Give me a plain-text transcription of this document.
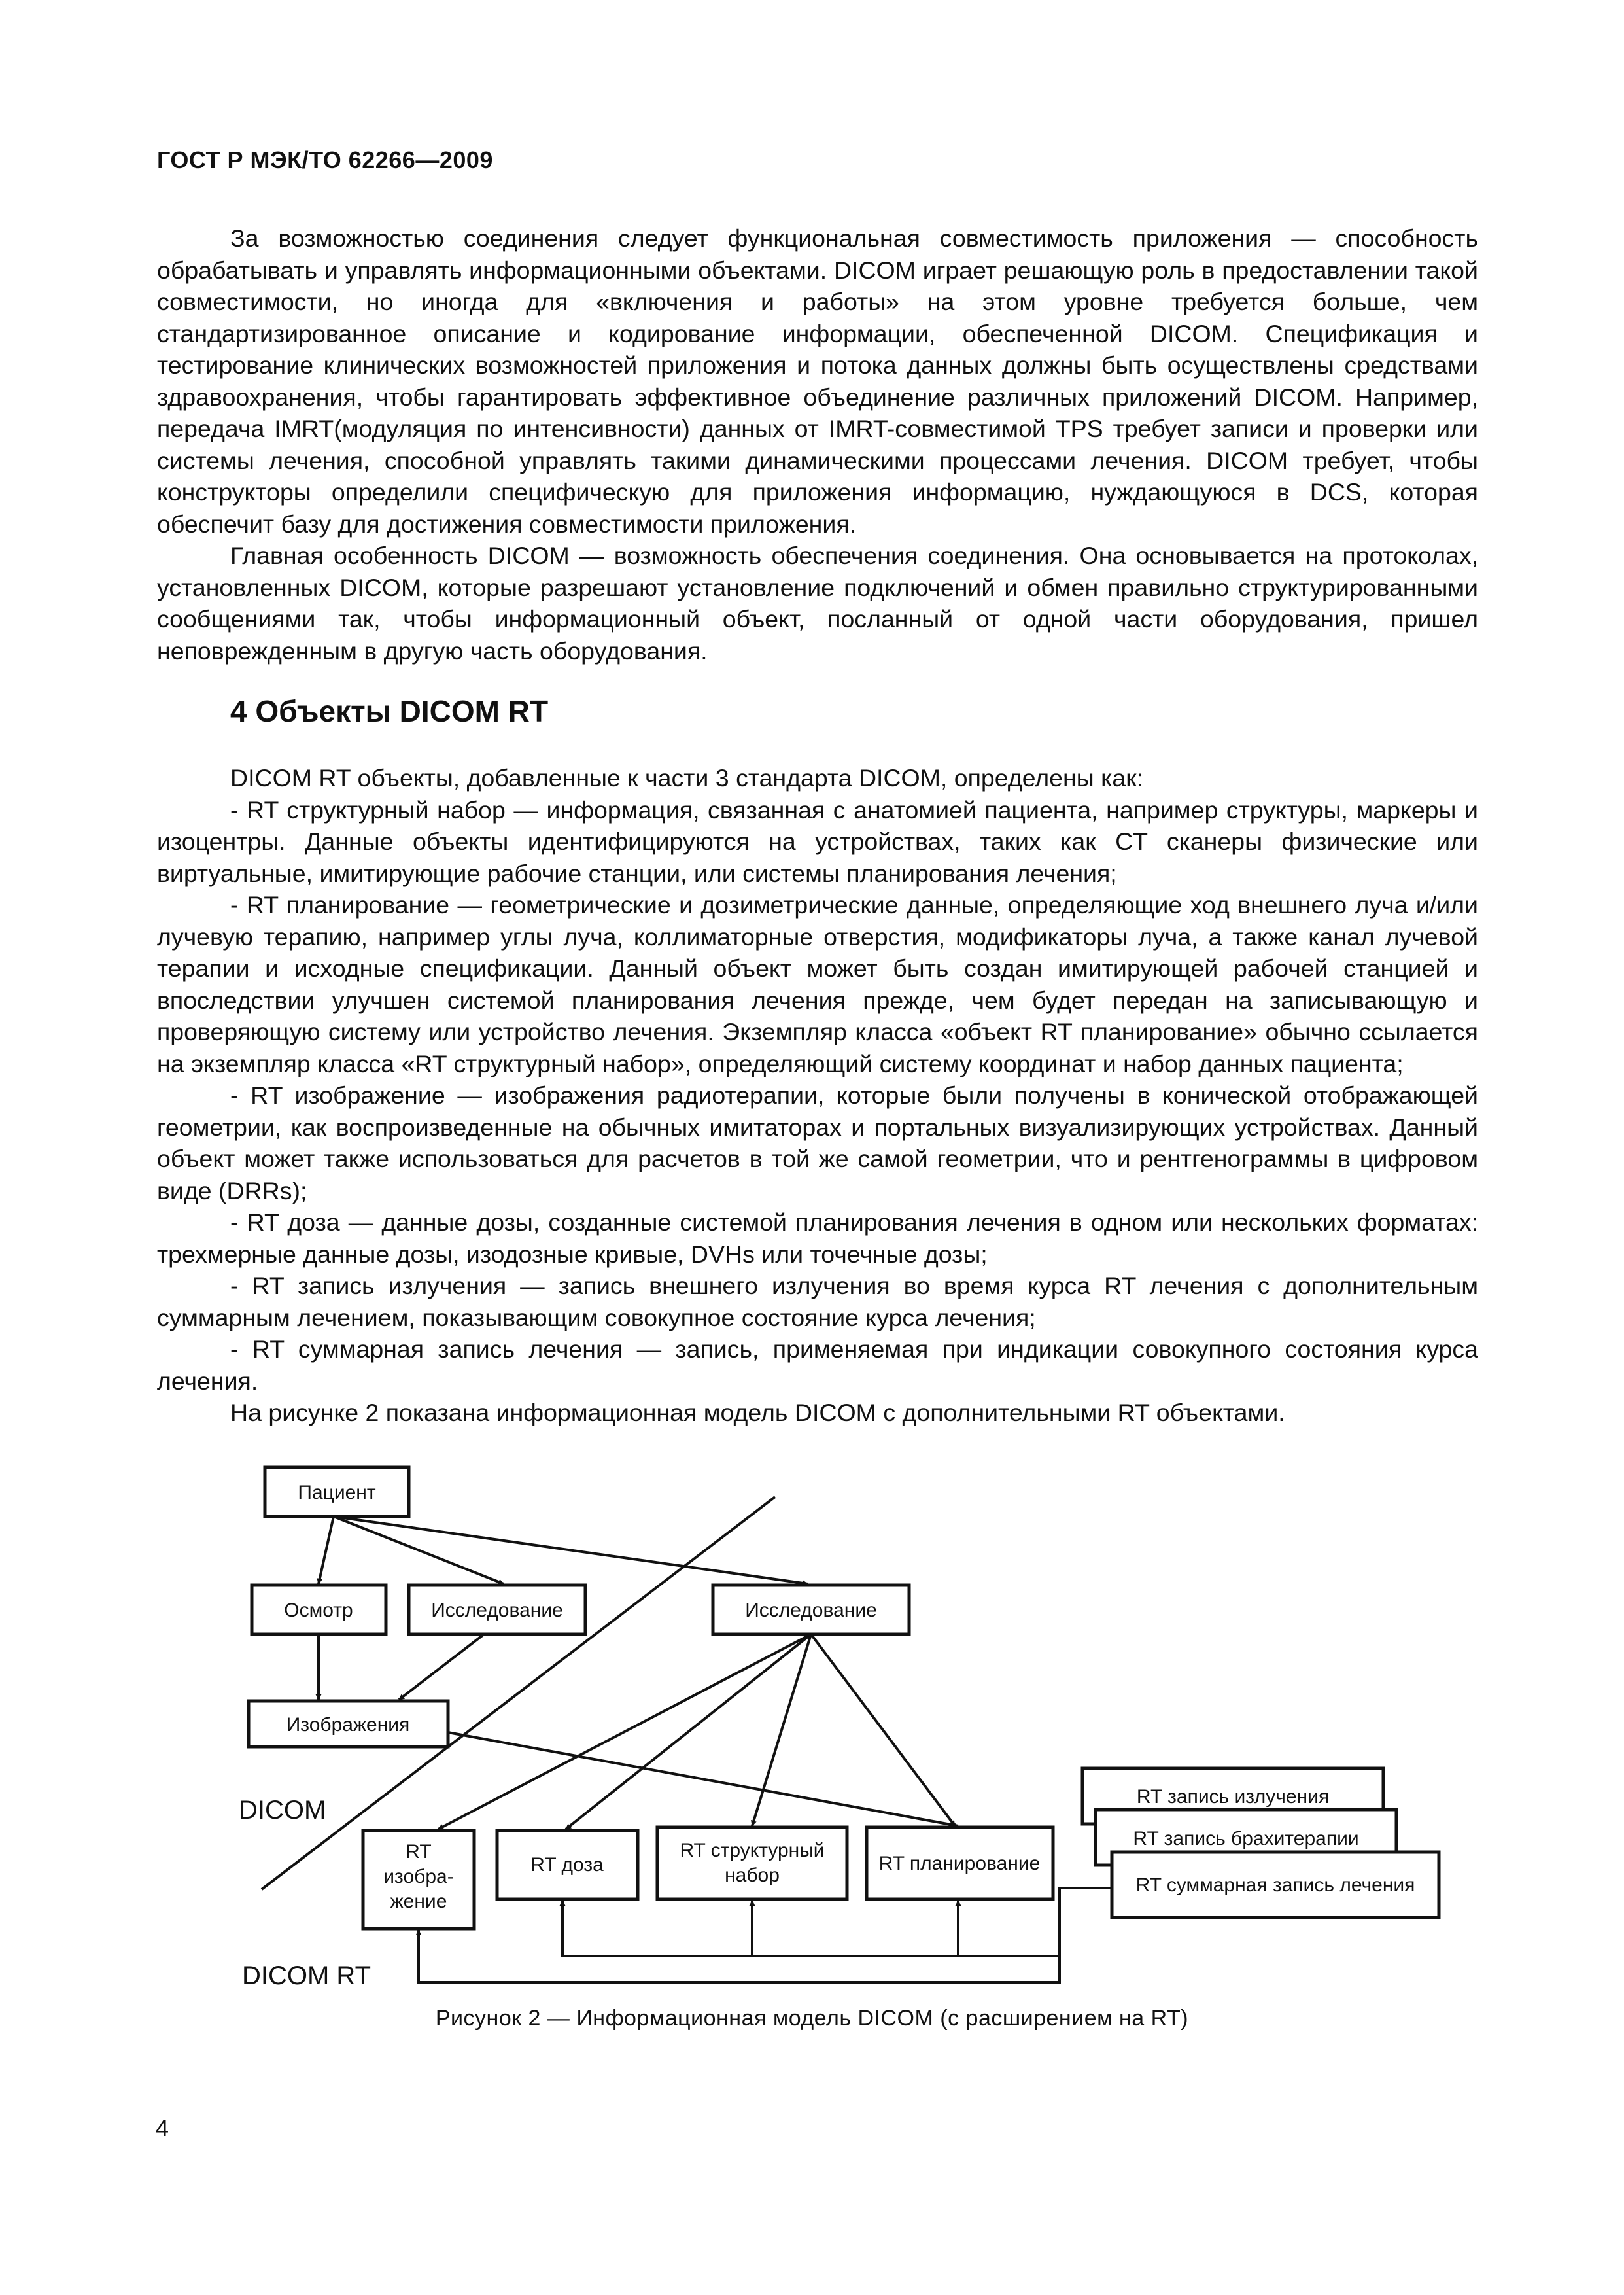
ГОСТ Р МЭК/ТО 62266—2009

За возможностью соединения следует функциональная совместимость приложения — способность обрабатывать и управлять информационными объектами. DICOM играет решающую роль в предоставлении такой совместимости, но иногда для «включения и работы» на этом уровне требуется больше, чем стандартизированное описание и кодирование информации, обеспеченной DICOM. Спецификация и тестирование клинических возможностей приложения и потока данных должны быть осуществлены средствами здравоохранения, чтобы гарантировать эффективное объединение различных приложений DICOM. Например, передача IMRT(модуляция по интенсивности) данных от IMRT-совместимой TPS требует записи и проверки или системы лечения, способной управлять такими динамическими процессами лечения. DICOM требует, чтобы конструкторы определили специфическую для приложения информацию, нуждающуюся в DCS, которая обеспечит базу для достижения совместимости приложения.

Главная особенность DICOM — возможность обеспечения соединения. Она основывается на протоколах, установленных DICOM, которые разрешают установление подключений и обмен правильно структурированными сообщениями так, чтобы информационный объект, посланный от одной части оборудования, пришел неповрежденным в другую часть оборудования.

4 Объекты DICOM RT

DICOM RT объекты, добавленные к части 3 стандарта DICOM, определены как:

- RT структурный набор — информация, связанная с анатомией пациента, например структуры, маркеры и изоцентры. Данные объекты идентифицируются на устройствах, таких как CT сканеры физические или виртуальные, имитирующие рабочие станции, или системы планирования лечения;

- RT планирование — геометрические и дозиметрические данные, определяющие ход внешнего луча и/или лучевую терапию, например углы луча, коллиматорные отверстия, модификаторы луча, а также канал лучевой терапии и исходные спецификации. Данный объект может быть создан имитирующей рабочей станцией и впоследствии улучшен системой планирования лечения прежде, чем будет передан на записывающую и проверяющую систему или устройство лечения. Экземпляр класса «объект RT планирование» обычно ссылается на экземпляр класса «RT структурный набор», определяющий систему координат и набор данных пациента;

- RT изображение — изображения радиотерапии, которые были получены в конической отображающей геометрии, как воспроизведенные на обычных имитаторах и портальных визуализирующих устройствах. Данный объект может также использоваться для расчетов в той же самой геометрии, что и рентгенограммы в цифровом виде (DRRs);

- RT доза — данные дозы, созданные системой планирования лечения в одном или нескольких форматах: трехмерные данные дозы, изодозные кривые, DVHs или точечные дозы;

- RT запись излучения — запись внешнего излучения во время курса RT лечения с дополнительным суммарным лечением, показывающим совокупное состояние курса лечения;

- RT суммарная запись лечения — запись, применяемая при индикации совокупного состояния курса лечения.

На рисунке 2 показана информационная модель DICOM с дополнительными RT объектами.

Пациент
Осмотр	Исследование	Исследование
Изображения
RT
изобра-
жение
RT доза
RT структурный
набор
RT планирование
RT запись излучения
RT запись брахитерапии
RT суммарная запись лечения
DICOM
DICOM RT
Рисунок 2 — Информационная модель DICOM (с расширением на RT)
4
